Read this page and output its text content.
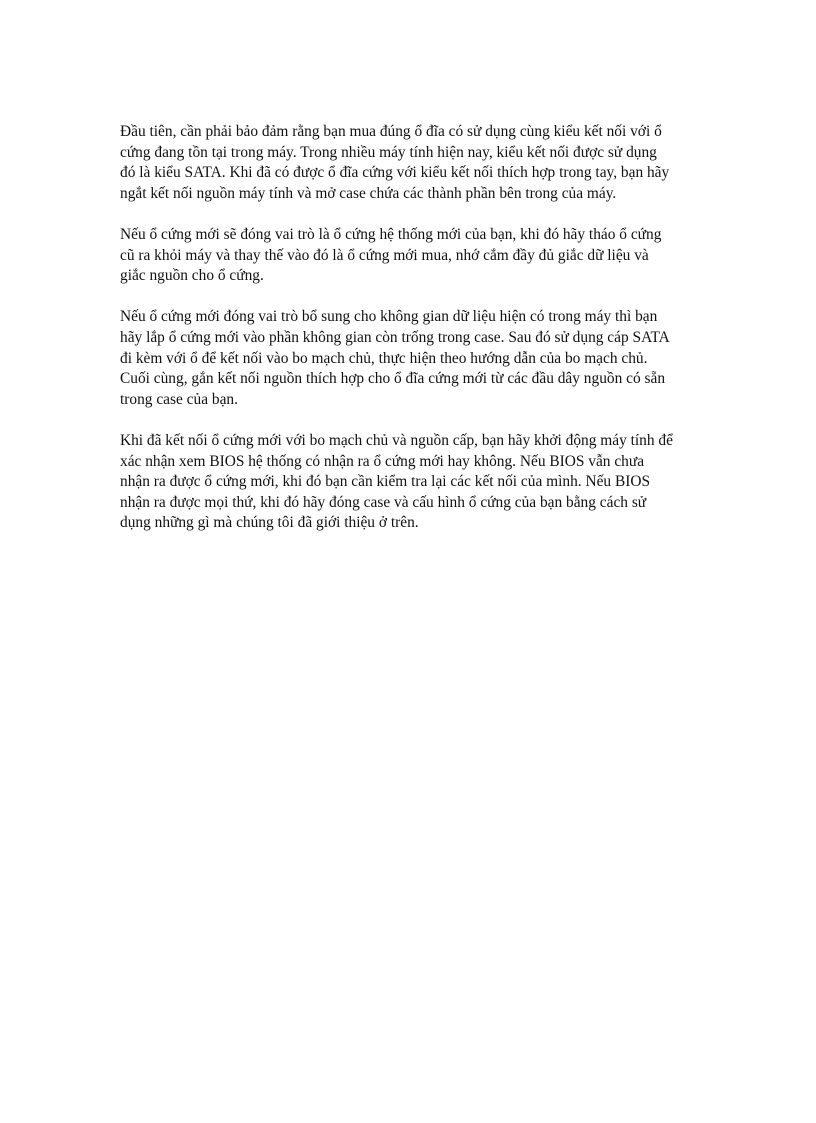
Đầu tiên, cần phải bảo đảm rằng bạn mua đúng ổ đĩa có sử dụng cùng kiểu kết nối với ổ
cứng đang tồn tại trong máy. Trong nhiều máy tính hiện nay, kiểu kết nối được sử dụng
đó là kiểu SATA. Khi đã có được ổ đĩa cứng với kiểu kết nối thích hợp trong tay, bạn hãy
ngắt kết nối nguồn máy tính và mở case chứa các thành phần bên trong của máy.

Nếu ổ cứng mới sẽ đóng vai trò là ổ cứng hệ thống mới của bạn, khi đó hãy tháo ổ cứng
cũ ra khỏi máy và thay thế vào đó là ổ cứng mới mua, nhớ cắm đầy đủ giắc dữ liệu và
giắc nguồn cho ổ cứng.

Nếu ổ cứng mới đóng vai trò bổ sung cho không gian dữ liệu hiện có trong máy thì bạn
hãy lắp ổ cứng mới vào phần không gian còn trống trong case. Sau đó sử dụng cáp SATA
đi kèm với ổ để kết nối vào bo mạch chủ, thực hiện theo hướng dẫn của bo mạch chủ.
Cuối cùng, gắn kết nối nguồn thích hợp cho ổ đĩa cứng mới từ các đầu dây nguồn có sẵn
trong case của bạn.

Khi đã kết nối ổ cứng mới với bo mạch chủ và nguồn cấp, bạn hãy khởi động máy tính để
xác nhận xem BIOS hệ thống có nhận ra ổ cứng mới hay không. Nếu BIOS vẫn chưa
nhận ra được ổ cứng mới, khi đó bạn cần kiểm tra lại các kết nối của mình. Nếu BIOS
nhận ra được mọi thứ, khi đó hãy đóng case và cấu hình ổ cứng của bạn bằng cách sử
dụng những gì mà chúng tôi đã giới thiệu ở trên.
